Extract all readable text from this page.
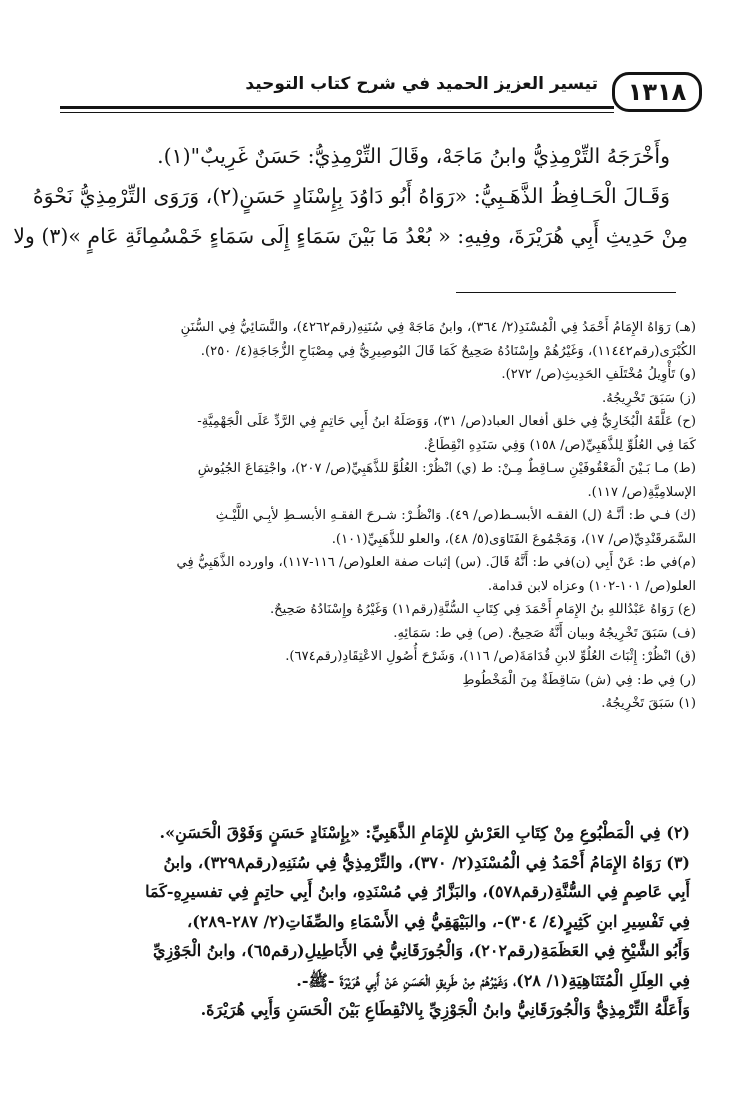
١٣١٨
تيسير العزيز الحميد في شرح كتاب التوحيد

وأَخْرَجَهُ التِّرْمِذِيُّ وابنُ مَاجَهْ، وقَالَ التِّرْمِذِيُّ: حَسَنٌ غَرِيبٌ"(١).

وَقَـالَ الْحَـافِظُ الذَّهَـبِيُّ: «رَوَاهُ أَبُو دَاوُدَ بِإِسْنَادٍ حَسَنٍ(٢)، وَرَوَى التِّرْمِذِيُّ نَحْوَهُ

مِنْ حَدِيثِ أَبِي هُرَيْرَةَ، وفِيهِ: « بُعْدُ مَا بَيْنَ سَمَاءٍ إِلَى سَمَاءٍ خَمْسُمِائَةِ عَامٍ »(٣) ولا

(هـ) رَوَاهُ الإِمَامُ أَحْمَدُ فِي الْمُسْنَدِ(٢/ ٣٦٤)، وابنُ مَاجَهْ فِي سُنَنِهِ(رقم٤٢٦٢)، والنَّسَائِيُّ فِي السُّنَنِ

الكُبْرَى(رقم١١٤٤٢)، وَغَيْرُهُمْ وإِسْنَادُهُ صَحِيحٌ كَمَا قَالَ البُوصِيرِيُّ فِي مِصْبَاحِ الزُّجَاجَةِ(٤/ ٢٥٠).

(و) تَأْوِيلُ مُخْتَلَفِ الحَدِيثِ(ص/ ٢٧٢).

(ز) سَبَقَ تَخْرِيجُهُ.

(ح) عَلَّقَهُ الْبُخَارِيُّ فِي خلق أفعال العباد(ص/ ٣١)، وَوَصَلَهُ ابنُ أَبِي حَاتِمٍ فِي الرَّدِّ عَلَى الْجَهْمِيَّةِ-

كَمَا فِي العُلُوِّ لِلذَّهَبِيِّ(ص/ ١٥٨) وَفِي سَنَدِهِ انْقِطَاعٌ.

(ط) مـا بَـيْنَ الْمَعْقُوفَيْنِ سـاقِطٌ مِـنْ: ط (ي) انْظُرْ: العُلُوَّ للذَّهَبِيِّ(ص/ ٢٠٧)، واجْتِمَاعَ الجُيُوشِ

الإسلامِيَّةِ(ص/ ١١٧).

(ك) فـي ط: أنَّـهُ (ل) الفقـه الأبسـط(ص/ ٤٩). وَانْظُـرْ: شـرحَ الفقـهِ الأبسـطِ لأبِـي اللَّيْـثِ

السَّمَرقَنْدِيِّ(ص/ ١٧)، وَمَجْمُوعَ الفَتَاوَى(٥/ ٤٨)، والعلو للذَّهَبِيِّ(١٠١).

(م)في ط: عَنْ أَبِي (ن)في ط: أَنَّهُ قَالَ. (س) إثبات صفة العلو(ص/ ١١٦-١١٧)، واورده الذَّهَبِيُّ فِي

العلو(ص/ ١٠١-١٠٢) وعزاه لابن قدامة.

(ع) رَوَاهُ عَبْدُاللهِ بنُ الإِمَامِ أَحْمَدَ فِي كِتَابِ السُّنَّةِ(رقم١١) وَغَيْرُهُ وإِسْنَادُهُ صَحِيحٌ.

(ف) سَبَقَ تَخْرِيجُهُ وبيان أَنَّهُ صَحِيحٌ. (ص) فِي ط: سَمَائِهِ.

(ق) انْظُرْ: إِثْبَاتَ العُلُوِّ لابنِ قُدَامَةَ(ص/ ١١٦)، وَشَرْحَ أُصُولِ الاعْتِقَادِ(رقم٦٧٤).

(ر) فِي ط: فِي (ش) سَاقِطَةٌ مِنَ الْمَخْطُوطِ

(١) سَبَقَ تَخْرِيجُهُ.

(٢) فِي الْمَطْبُوعِ مِنْ كِتَابِ العَرْشِ للإِمَامِ الذَّهَبِيِّ: «بِإِسْنَادٍ حَسَنٍ وَفَوْقَ الْحَسَنِ».

(٣) رَوَاهُ الإِمَامُ أَحْمَدُ فِي الْمُسْنَدِ(٢/ ٣٧٠)، والتِّرْمِذِيُّ فِي سُنَنِهِ(رقم٣٢٩٨)، وابنُ

أَبِي عَاصِمٍ فِي السُّنَّةِ(رقم٥٧٨)، والبَزَّارُ فِي مُسْنَدِهِ، وابنُ أَبِي حاتِمٍ فِي تفسيرِهِ-كَمَا

فِي تَفْسِيرِ ابنِ كَثِيرٍ(٤/ ٣٠٤)-، والبَيْهَقِيُّ فِي الأَسْمَاءِ والصِّفَاتِ(٢/ ٢٨٧-٢٨٩)،

وَأَبُو الشَّيْخِ فِي العَظَمَةِ(رقم٢٠٢)، وَالْجُورَقَانِيُّ فِي الأَبَاطِيلِ(رقم٦٥)، وابنُ الْجَوْزِيِّ

فِي العِلَلِ الْمُتَنَاهِيَةِ(١/ ٢٨)، وَغَيْرُهُمْ مِنْ طَرِيقِ الْحَسَنِ عَنْ أَبِي هُرَيْرَةَ -ﷺ-.

وَأَعَلَّهُ التِّرْمِذِيُّ وَالْجُورَقَانِيُّ وابنُ الْجَوْزِيِّ بِالانْقِطَاعِ بَيْنَ الْحَسَنِ وَأَبِي هُرَيْرَةَ.
